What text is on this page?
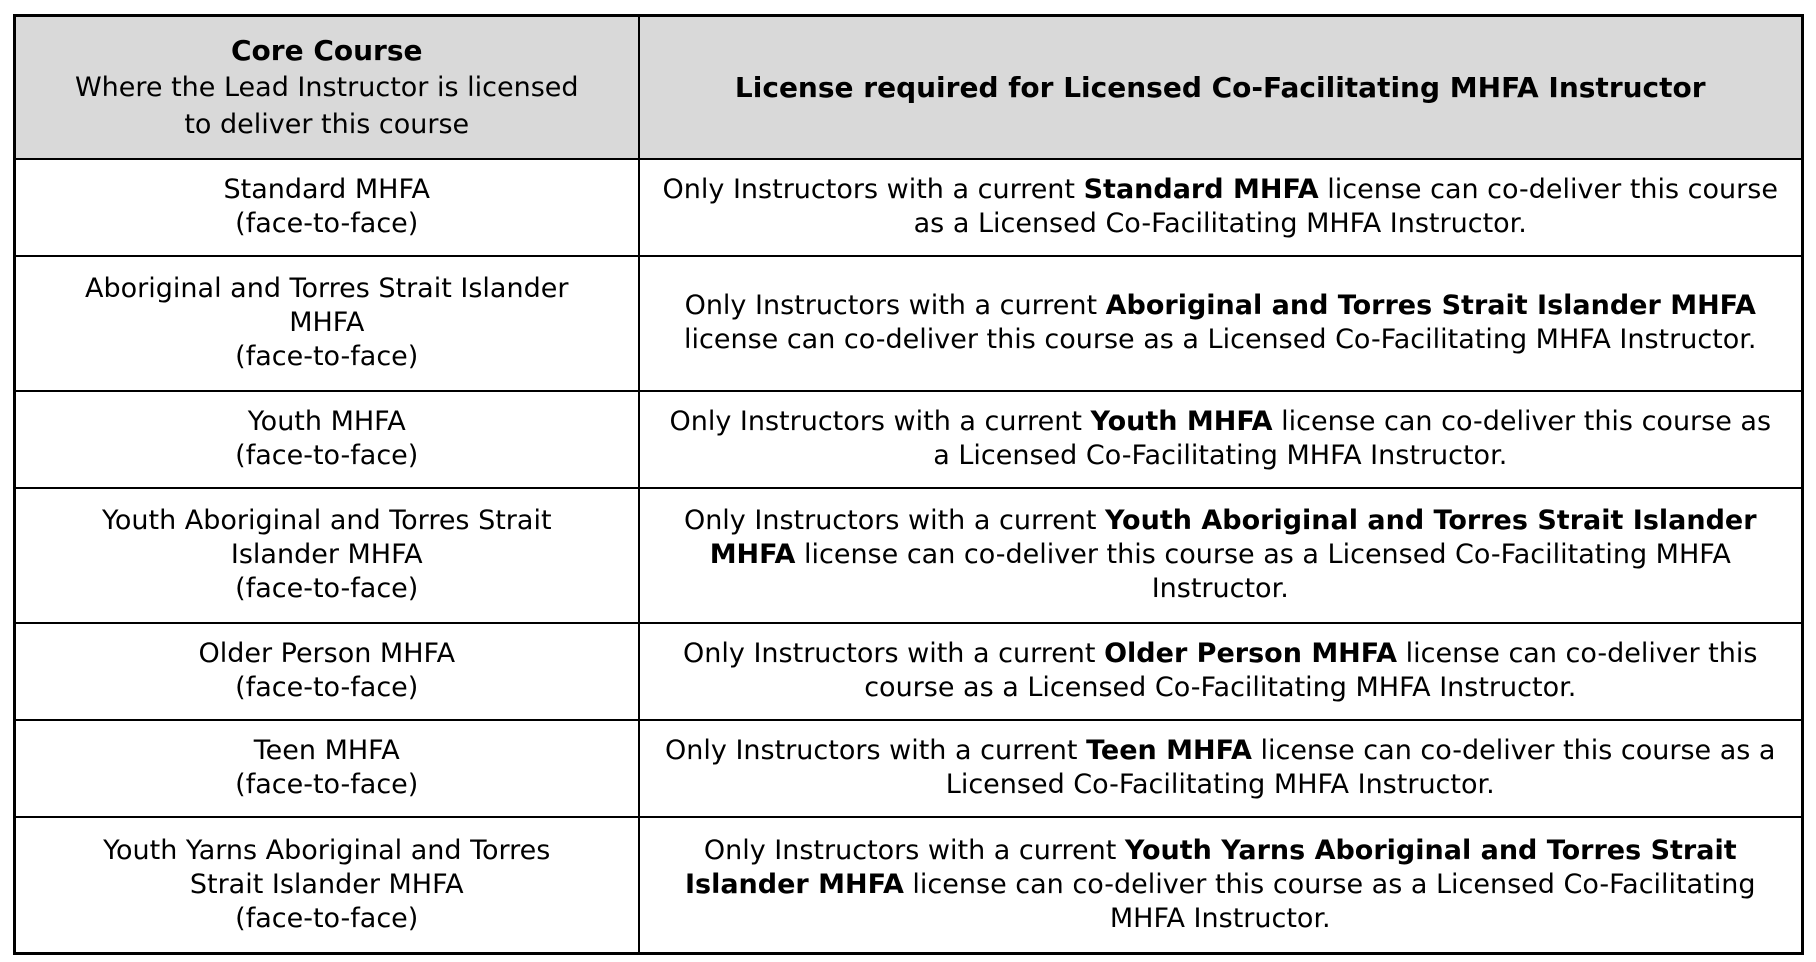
Core Course
Where the Lead Instructor is licensed
to deliver this course	License required for Licensed Co-Facilitating MHFA Instructor

Standard MHFA
(face-to-face)	Only Instructors with a current Standard MHFA license can co-deliver this course as a Licensed Co-Facilitating MHFA Instructor.

Aboriginal and Torres Strait Islander
MHFA
(face-to-face)	Only Instructors with a current Aboriginal and Torres Strait Islander MHFA license can co-deliver this course as a Licensed Co-Facilitating MHFA Instructor.

Youth MHFA
(face-to-face)	Only Instructors with a current Youth MHFA license can co-deliver this course as a Licensed Co-Facilitating MHFA Instructor.

Youth Aboriginal and Torres Strait
Islander MHFA
(face-to-face)	Only Instructors with a current Youth Aboriginal and Torres Strait Islander MHFA license can co-deliver this course as a Licensed Co-Facilitating MHFA Instructor.

Older Person MHFA
(face-to-face)	Only Instructors with a current Older Person MHFA license can co-deliver this course as a Licensed Co-Facilitating MHFA Instructor.

Teen MHFA
(face-to-face)	Only Instructors with a current Teen MHFA license can co-deliver this course as a Licensed Co-Facilitating MHFA Instructor.

Youth Yarns Aboriginal and Torres
Strait Islander MHFA
(face-to-face)	Only Instructors with a current Youth Yarns Aboriginal and Torres Strait Islander MHFA license can co-deliver this course as a Licensed Co-Facilitating MHFA Instructor.
